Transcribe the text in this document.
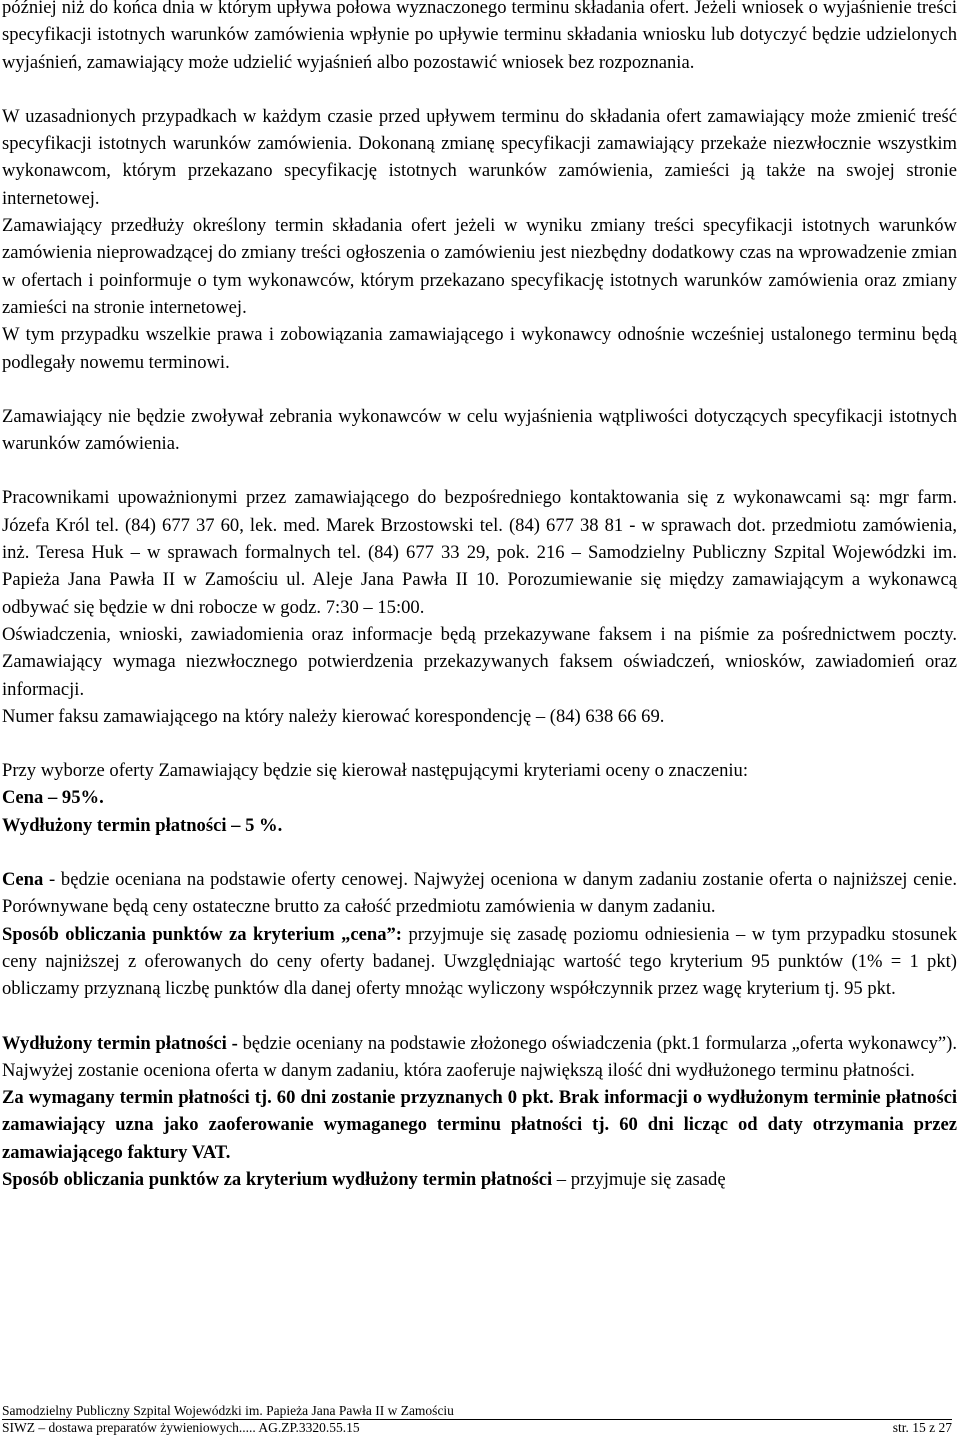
później niż do końca dnia w którym upływa połowa wyznaczonego terminu składania ofert. Jeżeli wniosek o wyjaśnienie treści specyfikacji istotnych warunków zamówienia wpłynie po upływie terminu składania wniosku lub dotyczyć będzie udzielonych wyjaśnień, zamawiający może udzielić wyjaśnień albo pozostawić wniosek bez rozpoznania.

W uzasadnionych przypadkach w każdym czasie przed upływem terminu do składania ofert zamawiający może zmienić treść specyfikacji istotnych warunków zamówienia. Dokonaną zmianę specyfikacji zamawiający przekaże niezwłocznie wszystkim wykonawcom, którym przekazano specyfikację istotnych warunków zamówienia, zamieści ją także na swojej stronie internetowej.

Zamawiający przedłuży określony termin składania ofert jeżeli w wyniku zmiany treści specyfikacji istotnych warunków zamówienia nieprowadzącej do zmiany treści ogłoszenia o zamówieniu jest niezbędny dodatkowy czas na wprowadzenie zmian w ofertach i poinformuje o tym wykonawców, którym przekazano specyfikację istotnych warunków zamówienia oraz zmiany zamieści na stronie internetowej.

W tym przypadku wszelkie prawa i zobowiązania zamawiającego i wykonawcy odnośnie wcześniej ustalonego terminu będą podlegały nowemu terminowi.

Zamawiający nie będzie zwoływał zebrania wykonawców w celu wyjaśnienia wątpliwości dotyczących specyfikacji istotnych warunków zamówienia.

Pracownikami upoważnionymi przez zamawiającego do bezpośredniego kontaktowania się z wykonawcami są: mgr farm. Józefa Król tel. (84) 677 37 60, lek. med. Marek Brzostowski tel. (84) 677 38 81 - w sprawach dot. przedmiotu zamówienia, inż. Teresa Huk – w sprawach formalnych tel. (84) 677 33 29, pok. 216 – Samodzielny Publiczny Szpital Wojewódzki im. Papieża Jana Pawła II w Zamościu ul. Aleje Jana Pawła II 10. Porozumiewanie się między zamawiającym a wykonawcą odbywać się będzie w dni robocze w godz. 7:30 – 15:00.

Oświadczenia, wnioski, zawiadomienia oraz informacje będą przekazywane faksem i na piśmie za pośrednictwem poczty. Zamawiający wymaga niezwłocznego potwierdzenia przekazywanych faksem oświadczeń, wniosków, zawiadomień oraz informacji.

Numer faksu zamawiającego na który należy kierować korespondencję – (84) 638 66 69.

Przy wyborze oferty Zamawiający będzie się kierował następującymi kryteriami oceny o znaczeniu:

Cena – 95%.

Wydłużony termin płatności – 5 %.

Cena - będzie oceniana na podstawie oferty cenowej. Najwyżej oceniona w danym zadaniu zostanie oferta o najniższej cenie. Porównywane będą ceny ostateczne brutto za całość przedmiotu zamówienia w danym zadaniu.

Sposób obliczania punktów za kryterium „cena”: przyjmuje się zasadę poziomu odniesienia – w tym przypadku stosunek ceny najniższej z oferowanych do ceny oferty badanej. Uwzględniając wartość tego kryterium 95 punktów (1% = 1 pkt) obliczamy przyznaną liczbę punktów dla danej oferty mnożąc wyliczony współczynnik przez wagę kryterium tj. 95 pkt.

Wydłużony termin płatności - będzie oceniany na podstawie złożonego oświadczenia (pkt.1 formularza „oferta wykonawcy”). Najwyżej zostanie oceniona oferta w danym zadaniu, która zaoferuje największą ilość dni wydłużonego terminu płatności.

Za wymagany termin płatności tj. 60 dni zostanie przyznanych 0 pkt. Brak informacji o wydłużonym terminie płatności zamawiający uzna jako zaoferowanie wymaganego terminu płatności tj. 60 dni licząc od daty otrzymania przez zamawiającego faktury VAT.

Sposób obliczania punktów za kryterium wydłużony termin płatności – przyjmuje się zasadę

Samodzielny Publiczny Szpital Wojewódzki im. Papieża Jana Pawła II w Zamościu
SIWZ – dostawa preparatów żywieniowych..... AG.ZP.3320.55.15	str. 15 z 27
